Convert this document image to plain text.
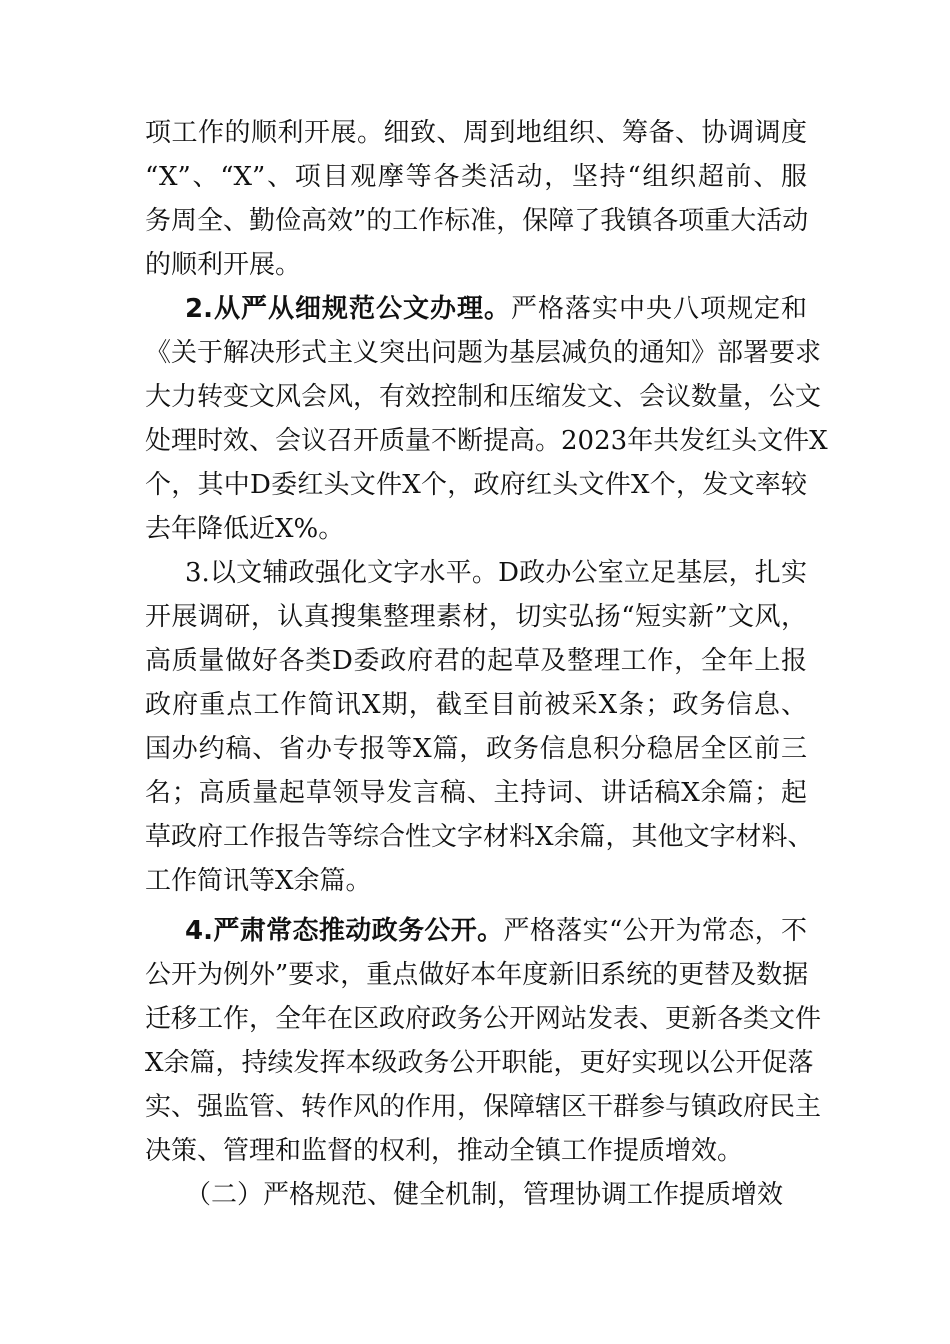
项工作的顺利开展。细致、周到地组织、筹备、协调调度
“X”、“X”、项目观摩等各类活动，坚持“组织超前、服
务周全、勤俭高效”的工作标准，保障了我镇各项重大活动
的顺利开展。
2.从严从细规范公文办理。严格落实中央八项规定和
《关于解决形式主义突出问题为基层减负的通知》部署要求
大力转变文风会风，有效控制和压缩发文、会议数量，公文
处理时效、会议召开质量不断提高。2023年共发红头文件X
个，其中D委红头文件X个，政府红头文件X个，发文率较
去年降低近X%。
3.以文辅政强化文字水平。D政办公室立足基层，扎实
开展调研，认真搜集整理素材，切实弘扬“短实新”文风，
高质量做好各类D委政府君的起草及整理工作，全年上报
政府重点工作简讯X期，截至目前被采X条；政务信息、
国办约稿、省办专报等X篇，政务信息积分稳居全区前三
名；高质量起草领导发言稿、主持词、讲话稿X余篇；起
草政府工作报告等综合性文字材料X余篇，其他文字材料、
工作简讯等X余篇。
4.严肃常态推动政务公开。严格落实“公开为常态，不
公开为例外”要求，重点做好本年度新旧系统的更替及数据
迁移工作，全年在区政府政务公开网站发表、更新各类文件
X余篇，持续发挥本级政务公开职能，更好实现以公开促落
实、强监管、转作风的作用，保障辖区干群参与镇政府民主
决策、管理和监督的权利，推动全镇工作提质增效。
（二）严格规范、健全机制，管理协调工作提质增效
